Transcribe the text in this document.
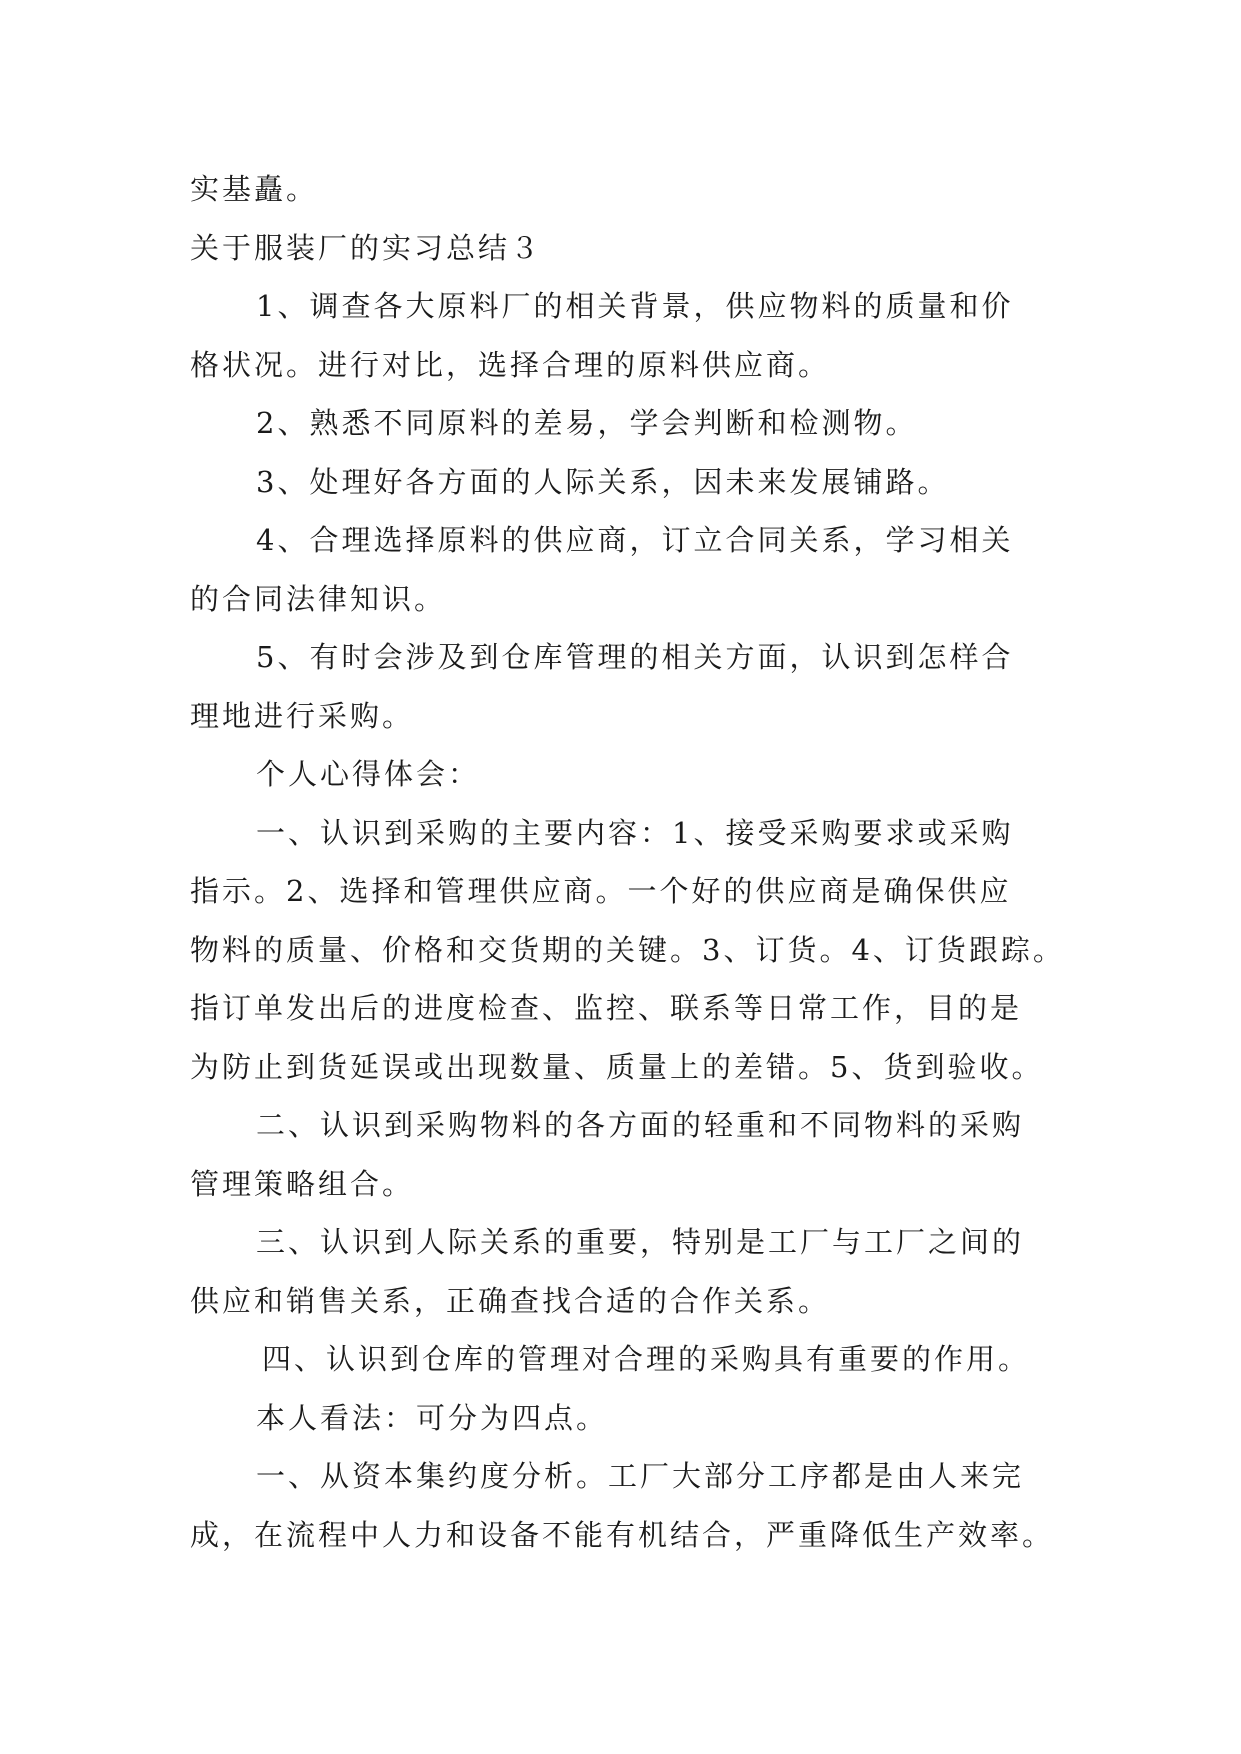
实基矗。
关于服装厂的实习总结３
1、调查各大原料厂的相关背景，供应物料的质量和价
格状况。进行对比，选择合理的原料供应商。
2、熟悉不同原料的差易，学会判断和检测物。
3、处理好各方面的人际关系，因未来发展铺路。
4、合理选择原料的供应商，订立合同关系，学习相关
的合同法律知识。
5、有时会涉及到仓库管理的相关方面，认识到怎样合
理地进行采购。
个人心得体会：
一、认识到采购的主要内容：1、接受采购要求或采购
指示。2、选择和管理供应商。一个好的供应商是确保供应
物料的质量、价格和交货期的关键。3、订货。4、订货跟踪。
指订单发出后的进度检查、监控、联系等日常工作，目的是
为防止到货延误或出现数量、质量上的差错。5、货到验收。
二、认识到采购物料的各方面的轻重和不同物料的采购
管理策略组合。
三、认识到人际关系的重要，特别是工厂与工厂之间的
供应和销售关系，正确查找合适的合作关系。
四、认识到仓库的管理对合理的采购具有重要的作用。
本人看法：可分为四点。
一、从资本集约度分析。工厂大部分工序都是由人来完
成，在流程中人力和设备不能有机结合，严重降低生产效率。
